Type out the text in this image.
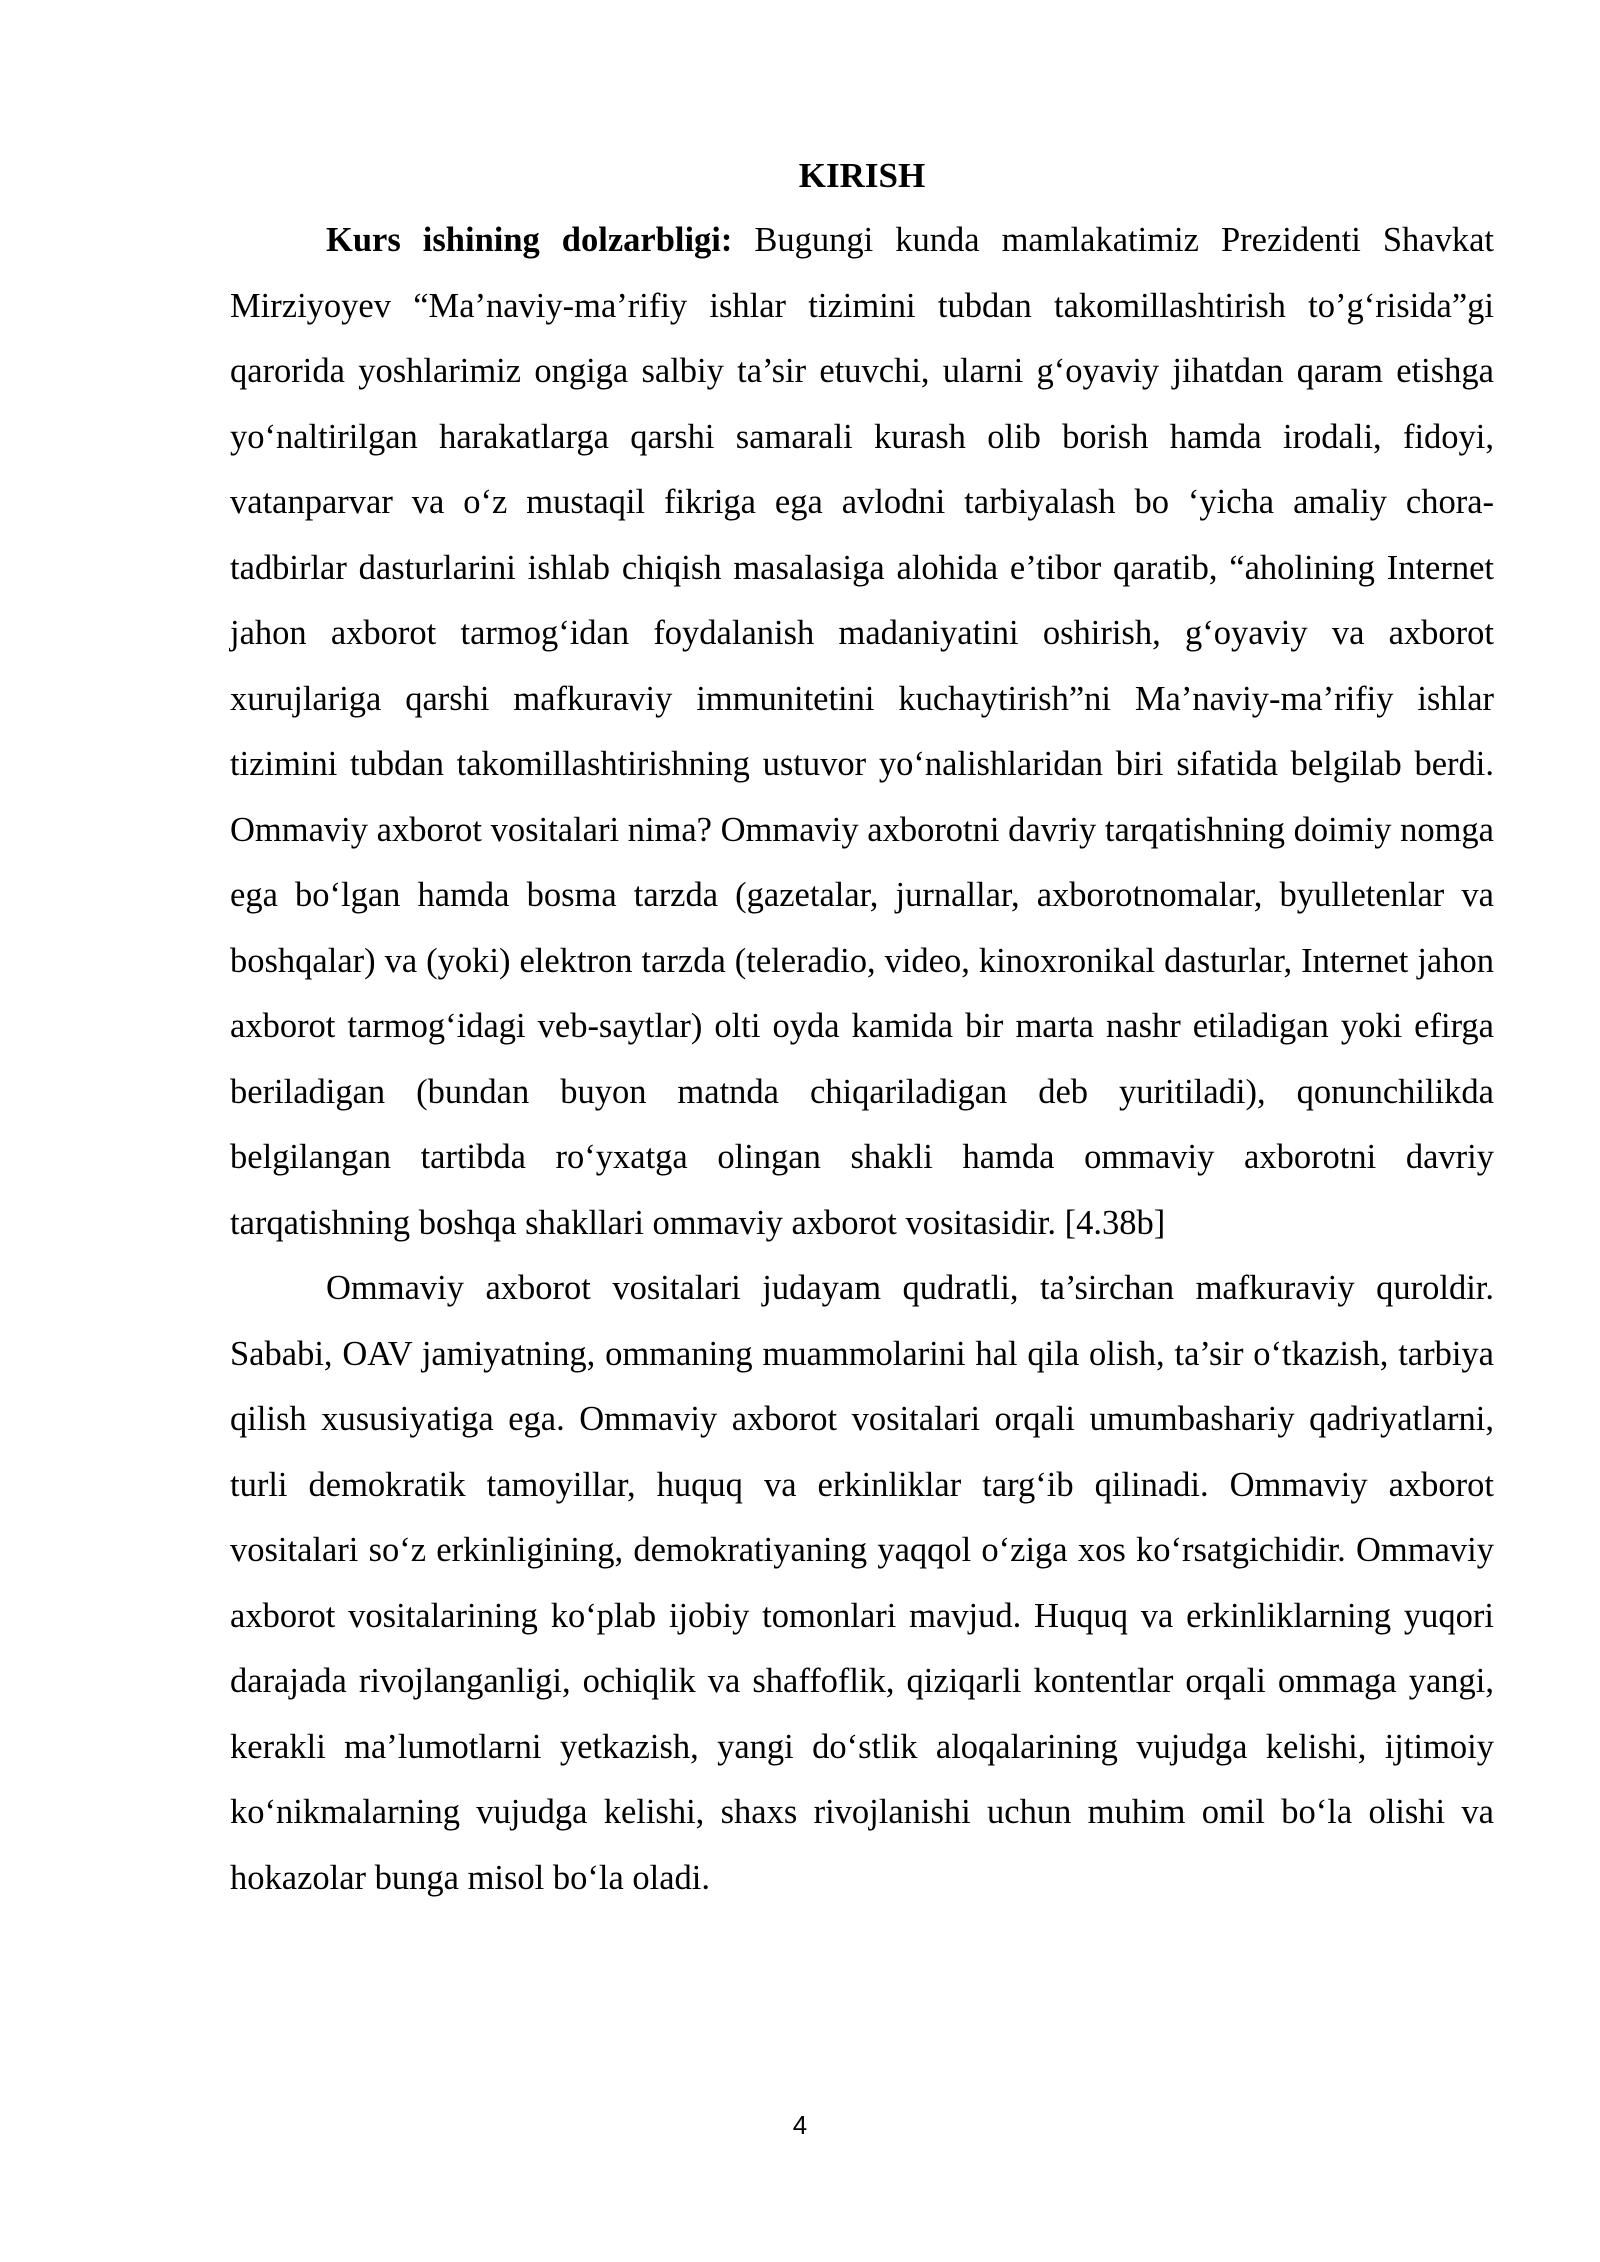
KIRISH

Kurs ishining dolzarbligi: Bugungi kunda mamlakatimiz Prezidenti Shavkat Mirziyoyev “Ma’naviy-ma’rifiy ishlar tizimini tubdan takomillashtirish to’g‘risida”gi qarorida yoshlarimiz ongiga salbiy ta’sir etuvchi, ularni g‘oyaviy jihatdan qaram etishga yo‘naltirilgan harakatlarga qarshi samarali kurash olib borish hamda irodali, fidoyi, vatanparvar va o‘z mustaqil fikriga ega avlodni tarbiyalash bo ‘yicha amaliy chora-tadbirlar dasturlarini ishlab chiqish masalasiga alohida e’tibor qaratib, “aholining Internet jahon axborot tarmog‘idan foydalanish madaniyatini oshirish, g‘oyaviy va axborot xurujlariga qarshi mafkuraviy immunitetini kuchaytirish”ni Ma’naviy-ma’rifiy ishlar tizimini tubdan takomillashtirishning ustuvor yo‘nalishlaridan biri sifatida belgilab berdi. Ommaviy axborot vositalari nima? Ommaviy axborotni davriy tarqatishning doimiy nomga ega bo‘lgan hamda bosma tarzda (gazetalar, jurnallar, axborotnomalar, byulletenlar va boshqalar) va (yoki) elektron tarzda (teleradio, video, kinoxronikal dasturlar, Internet jahon axborot tarmog‘idagi veb-saytlar) olti oyda kamida bir marta nashr etiladigan yoki efirga beriladigan (bundan buyon matnda chiqariladigan deb yuritiladi), qonunchilikda belgilangan tartibda ro‘yxatga olingan shakli hamda ommaviy axborotni davriy tarqatishning boshqa shakllari ommaviy axborot vositasidir. [4.38b]

Ommaviy axborot vositalari judayam qudratli, ta’sirchan mafkuraviy quroldir. Sababi, OAV jamiyatning, ommaning muammolarini hal qila olish, ta’sir o‘tkazish, tarbiya qilish xususiyatiga ega. Ommaviy axborot vositalari orqali umumbashariy qadriyatlarni, turli demokratik tamoyillar, huquq va erkinliklar targ‘ib qilinadi. Ommaviy axborot vositalari so‘z erkinligining, demokratiyaning yaqqol o‘ziga xos ko‘rsatgichidir. Ommaviy axborot vositalarining ko‘plab ijobiy tomonlari mavjud. Huquq va erkinliklarning yuqori darajada rivojlanganligi, ochiqlik va shaffoflik, qiziqarli kontentlar orqali ommaga yangi, kerakli ma’lumotlarni yetkazish, yangi do‘stlik aloqalarining vujudga kelishi, ijtimoiy ko‘nikmalarning vujudga kelishi, shaxs rivojlanishi uchun muhim omil bo‘la olishi va hokazolar bunga misol bo‘la oladi.

4
